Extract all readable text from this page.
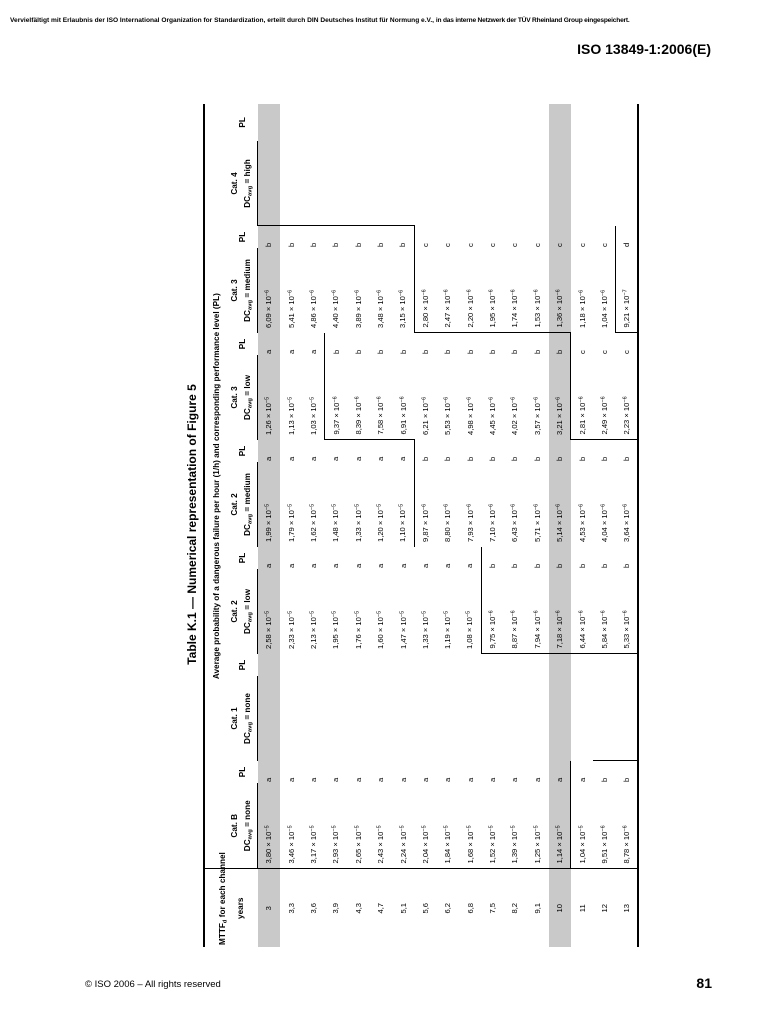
Vervielfältigt mit Erlaubnis der ISO International Organization for Standardization, erteilt durch DIN Deutsches Institut für Normung e.V., in das interne Netzwerk der TÜV Rheinland Group eingespeichert.
ISO 13849-1:2006(E)
Table K.1 — Numerical representation of Figure 5
$MTTF_d$ for each channel years	Average probability of a dangerous failure per hour (1/h) and corresponding performance level (PL)													
	Cat. B	PL	Cat. 1	PL	Cat. 2	PL	Cat. 2	PL	Cat. 3	PL	Cat. 3	PL	Cat. 4	PL
	$DC_{avg}$ = none		$DC_{avg}$ = none		$DC_{avg}$ = low		$DC_{avg}$ = medium		$DC_{avg}$ = low		$DC_{avg}$ = medium		$DC_{avg}$ = high	
3	$3,80 \times 10^{-5}$	a			$2,58 \times 10^{-5}$	a	$1,99 \times 10^{-5}$	a	$1,26 \times 10^{-5}$	a	$6,09 \times 10^{-6}$	b		
3,3	$3,46 \times 10^{-5}$	a			$2,33 \times 10^{-5}$	a	$1,79 \times 10^{-5}$	a	$1,13 \times 10^{-5}$	a	$5,41 \times 10^{-6}$	b		
3,6	$3,17 \times 10^{-5}$	a			$2,13 \times 10^{-5}$	a	$1,62 \times 10^{-5}$	a	$1,03 \times 10^{-5}$	a	$4,86 \times 10^{-6}$	b		
3,9	$2,93 \times 10^{-5}$	a			$1,95 \times 10^{-5}$	a	$1,48 \times 10^{-5}$	a	$9,37 \times 10^{-6}$	b	$4,40 \times 10^{-6}$	b		
4,3	$2,65 \times 10^{-5}$	a			$1,76 \times 10^{-5}$	a	$1,33 \times 10^{-5}$	a	$8,39 \times 10^{-6}$	b	$3,89 \times 10^{-6}$	b		
4,7	$2,43 \times 10^{-5}$	a			$1,60 \times 10^{-5}$	a	$1,20 \times 10^{-5}$	a	$7,58 \times 10^{-6}$	b	$3,48 \times 10^{-6}$	b		
5,1	$2,24 \times 10^{-5}$	a			$1,47 \times 10^{-5}$	a	$1,10 \times 10^{-5}$	a	$6,91 \times 10^{-6}$	b	$3,15 \times 10^{-6}$	b		
5,6	$2,04 \times 10^{-5}$	a			$1,33 \times 10^{-5}$	a	$9,87 \times 10^{-6}$	b	$6,21 \times 10^{-6}$	b	$2,80 \times 10^{-6}$	c		
6,2	$1,84 \times 10^{-5}$	a			$1,19 \times 10^{-5}$	a	$8,80 \times 10^{-6}$	b	$5,53 \times 10^{-6}$	b	$2,47 \times 10^{-6}$	c		
6,8	$1,68 \times 10^{-5}$	a			$1,08 \times 10^{-5}$	a	$7,93 \times 10^{-6}$	b	$4,98 \times 10^{-6}$	b	$2,20 \times 10^{-6}$	c		
7,5	$1,52 \times 10^{-5}$	a			$9,75 \times 10^{-6}$	b	$7,10 \times 10^{-6}$	b	$4,45 \times 10^{-6}$	b	$1,95 \times 10^{-6}$	c		
8,2	$1,39 \times 10^{-5}$	a			$8,87 \times 10^{-6}$	b	$6,43 \times 10^{-6}$	b	$4,02 \times 10^{-6}$	b	$1,74 \times 10^{-6}$	c		
9,1	$1,25 \times 10^{-5}$	a			$7,94 \times 10^{-6}$	b	$5,71 \times 10^{-6}$	b	$3,57 \times 10^{-6}$	b	$1,53 \times 10^{-6}$	c		
10	$1,14 \times 10^{-5}$	a			$7,18 \times 10^{-6}$	b	$5,14 \times 10^{-6}$	b	$3,21 \times 10^{-6}$	b	$1,36 \times 10^{-6}$	c		
11	$1,04 \times 10^{-5}$	a			$6,44 \times 10^{-6}$	b	$4,53 \times 10^{-6}$	b	$2,81 \times 10^{-6}$	c	$1,18 \times 10^{-6}$	c		
12	$9,51 \times 10^{-6}$	b			$5,84 \times 10^{-6}$	b	$4,04 \times 10^{-6}$	b	$2,49 \times 10^{-6}$	c	$1,04 \times 10^{-6}$	c		
13	$8,78 \times 10^{-6}$	b			$5,33 \times 10^{-6}$	b	$3,64 \times 10^{-6}$	b	$2,23 \times 10^{-6}$	c	$9,21 \times 10^{-7}$	d		
© ISO 2006 – All rights reserved	81
